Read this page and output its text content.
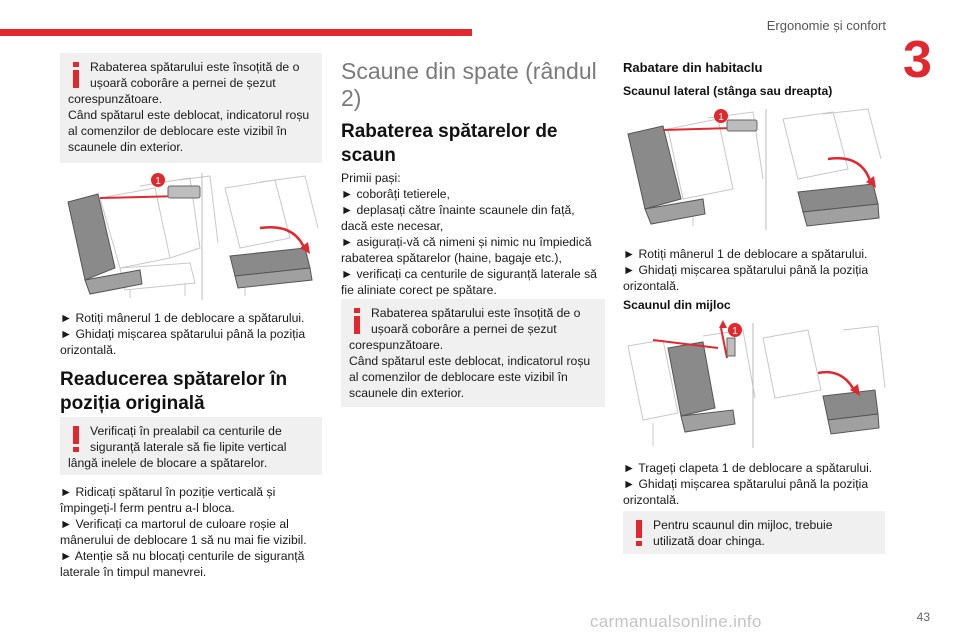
Ergonomie și confort
3
Rabaterea spătarului este însoțită de o
ușoară coborâre a pernei de șezut
corespunzătoare.
Când spătarul este deblocat, indicatorul roșu
al comenzilor de deblocare este vizibil în
scaunele din exterior.
1
► Rotiți mânerul 1 de deblocare a spătarului.
► Ghidați mișcarea spătarului până la poziția
orizontală.
Readucerea spătarelor în
poziția originală
Verificați în prealabil ca centurile de
siguranță laterale să fie lipite vertical
lângă inelele de blocare a spătarelor.
► Ridicați spătarul în poziție verticală și
împingeți-l ferm pentru a-l bloca.
► Verificați ca martorul de culoare roșie al
mânerului de deblocare 1 să nu mai fie vizibil.
► Atenție să nu blocați centurile de siguranță
laterale în timpul manevrei.
Scaune din spate (rândul
2)
Rabaterea spătarelor de
scaun
Primii pași:
► coborâți tetierele,
► deplasați către înainte scaunele din față,
dacă este necesar,
► asigurați-vă că nimeni și nimic nu împiedică
rabaterea spătarelor (haine, bagaje etc.),
► verificați ca centurile de siguranță laterale să
fie aliniate corect pe spătare.
Rabaterea spătarului este însoțită de o
ușoară coborâre a pernei de șezut
corespunzătoare.
Când spătarul este deblocat, indicatorul roșu
al comenzilor de deblocare este vizibil în
scaunele din exterior.
Rabatare din habitaclu
Scaunul lateral (stânga sau dreapta)
1
► Rotiți mânerul 1 de deblocare a spătarului.
► Ghidați mișcarea spătarului până la poziția
orizontală.
Scaunul din mijloc
1
► Trageți clapeta 1 de deblocare a spătarului.
► Ghidați mișcarea spătarului până la poziția
orizontală.
Pentru scaunul din mijloc, trebuie
utilizată doar chinga.
carmanualsonline.info	43
